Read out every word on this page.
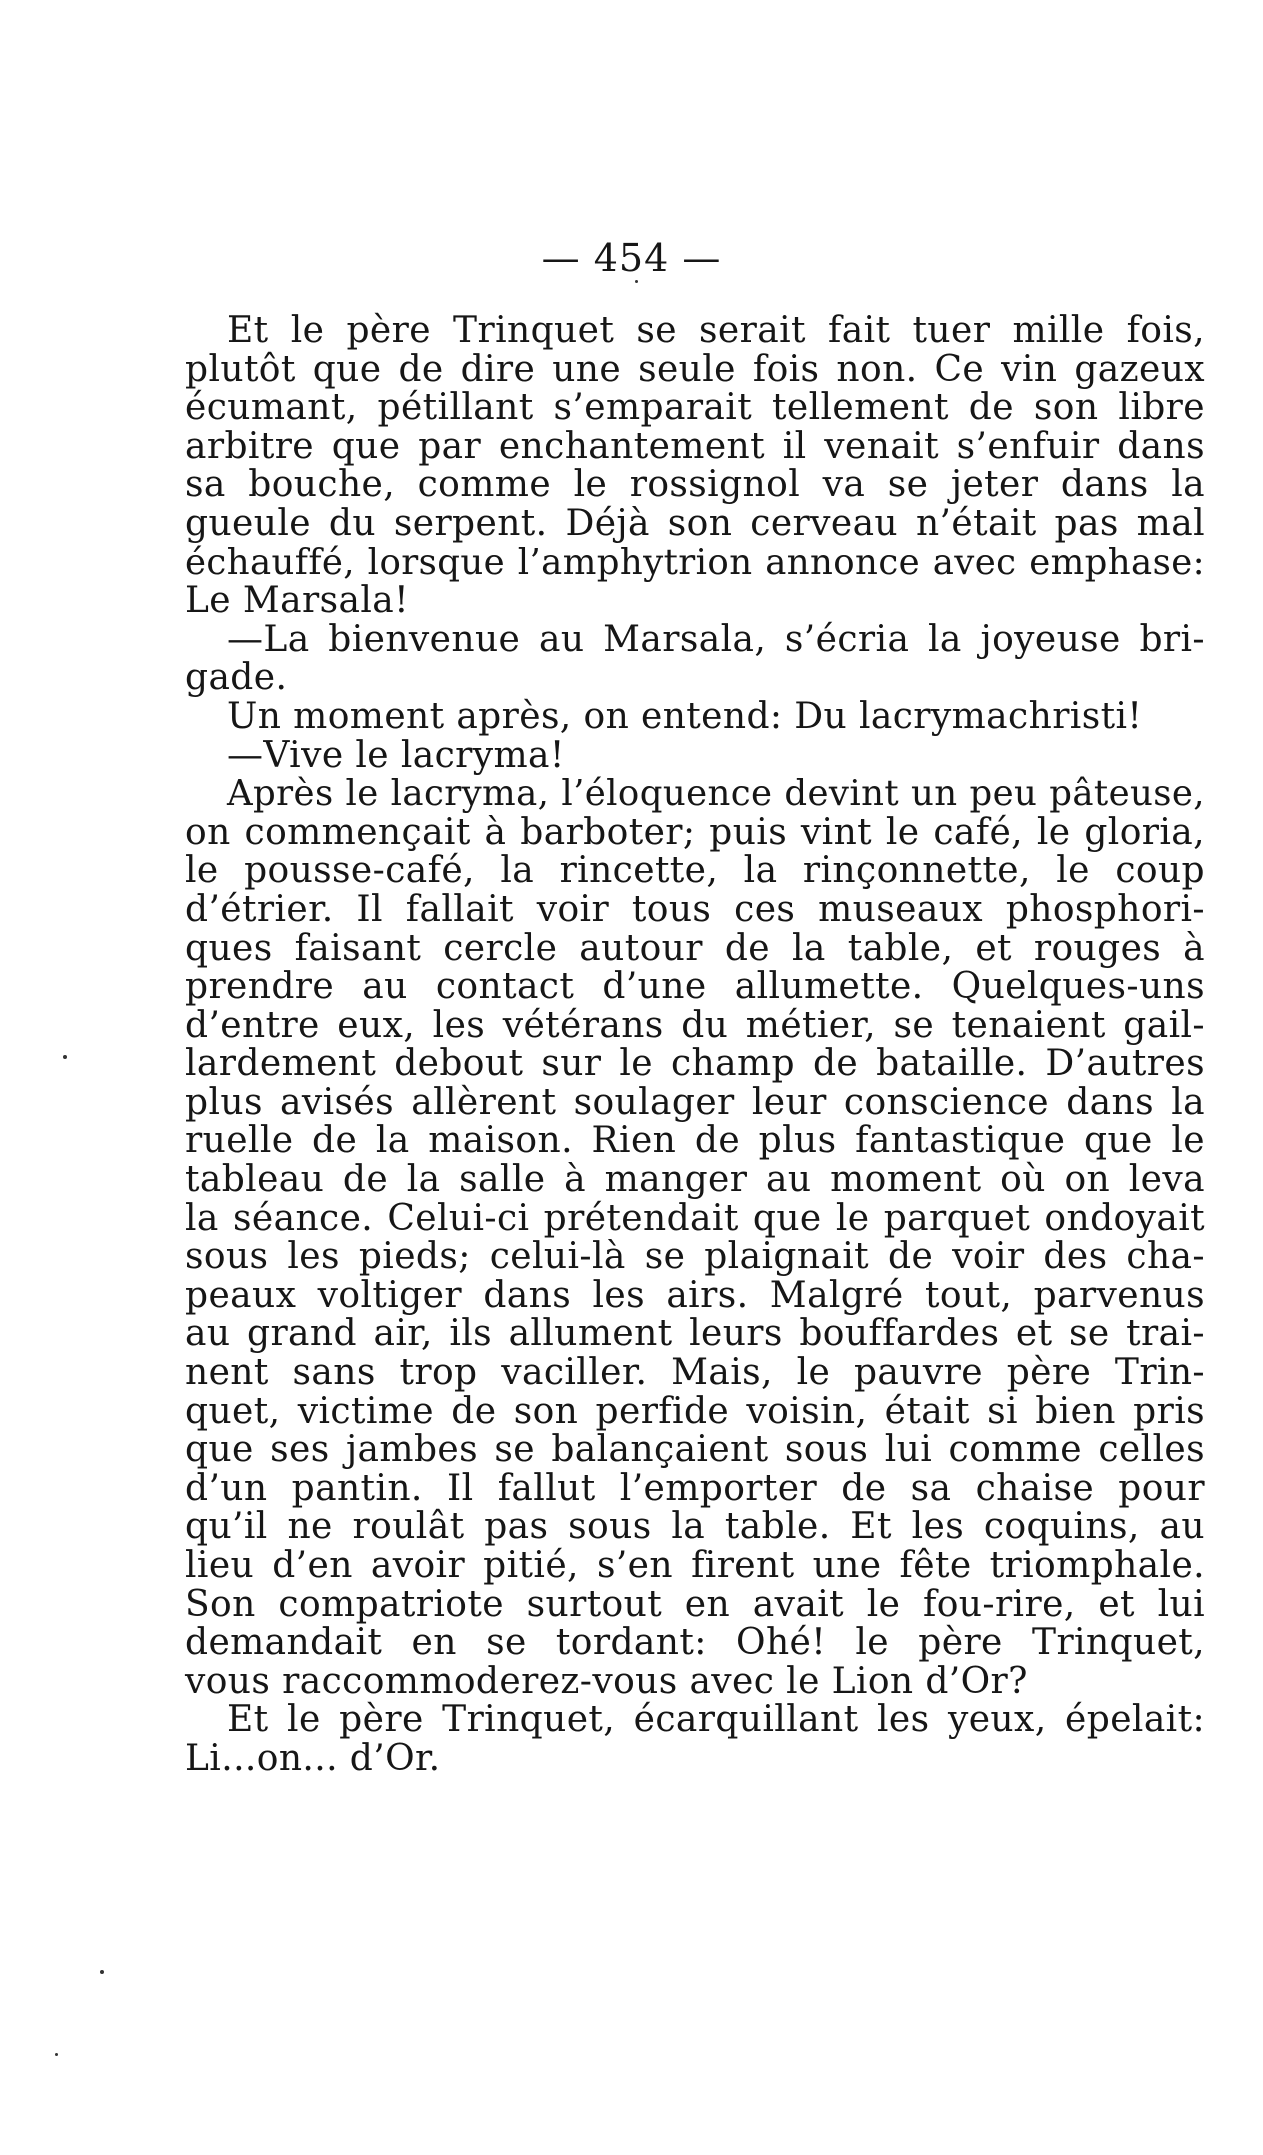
— 454 —
Et le père Trinquet se serait fait tuer mille fois,
plutôt que de dire une seule fois non. Ce vin gazeux
écumant, pétillant s’emparait tellement de son libre
arbitre que par enchantement il venait s’enfuir dans
sa bouche, comme le rossignol va se jeter dans la
gueule du serpent. Déjà son cerveau n’était pas mal
échauffé, lorsque l’amphytrion annonce avec emphase:
Le Marsala!
—La bienvenue au Marsala, s’écria la joyeuse bri-
gade.
Un moment après, on entend: Du lacrymachristi!
—Vive le lacryma!
Après le lacryma, l’éloquence devint un peu pâteuse,
on commençait à barboter; puis vint le café, le gloria,
le pousse-café, la rincette, la rinçonnette, le coup
d’étrier. Il fallait voir tous ces museaux phosphori-
ques faisant cercle autour de la table, et rouges à
prendre au contact d’une allumette. Quelques-uns
d’entre eux, les vétérans du métier, se tenaient gail-
lardement debout sur le champ de bataille. D’autres
plus avisés allèrent soulager leur conscience dans la
ruelle de la maison. Rien de plus fantastique que le
tableau de la salle à manger au moment où on leva
la séance. Celui-ci prétendait que le parquet ondoyait
sous les pieds; celui-là se plaignait de voir des cha-
peaux voltiger dans les airs. Malgré tout, parvenus
au grand air, ils allument leurs bouffardes et se trai-
nent sans trop vaciller. Mais, le pauvre père Trin-
quet, victime de son perfide voisin, était si bien pris
que ses jambes se balançaient sous lui comme celles
d’un pantin. Il fallut l’emporter de sa chaise pour
qu’il ne roulât pas sous la table. Et les coquins, au
lieu d’en avoir pitié, s’en firent une fête triomphale.
Son compatriote surtout en avait le fou-rire, et lui
demandait en se tordant: Ohé! le père Trinquet,
vous raccommoderez-vous avec le Lion d’Or?
Et le père Trinquet, écarquillant les yeux, épelait:
Li...on... d’Or.
